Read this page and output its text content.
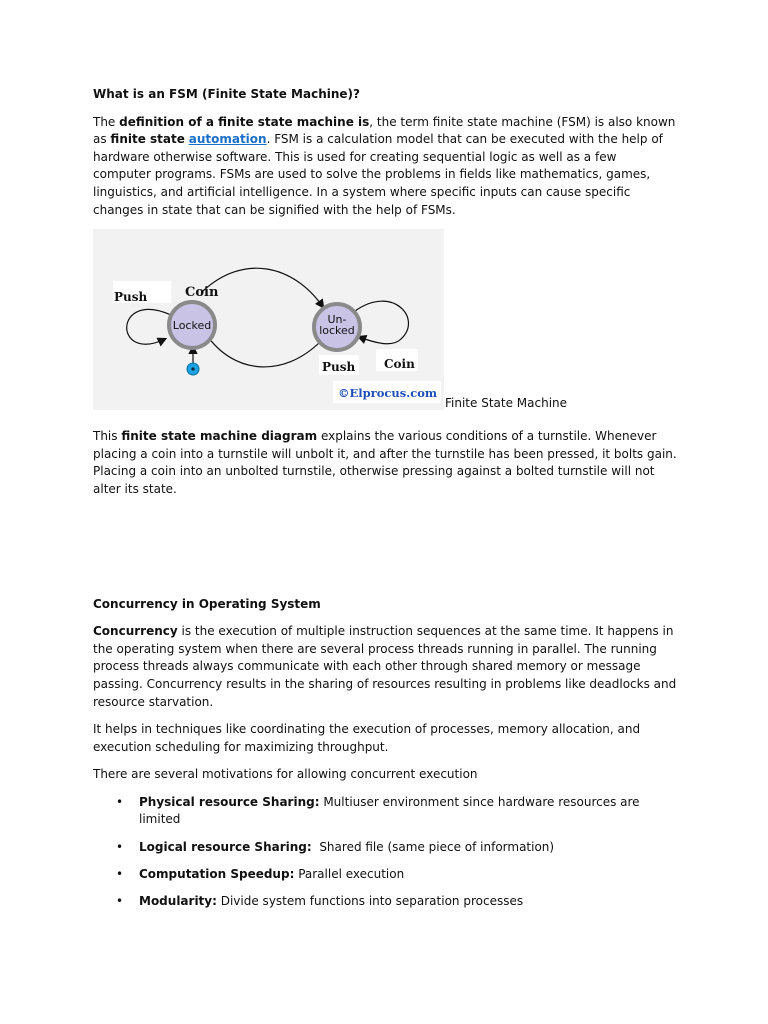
What is an FSM (Finite State Machine)?

The definition of a finite state machine is, the term finite state machine (FSM) is also known as finite state automation. FSM is a calculation model that can be executed with the help of hardware otherwise software. This is used for creating sequential logic as well as a few computer programs. FSMs are used to solve the problems in fields like mathematics, games, linguistics, and artificial intelligence. In a system where specific inputs can cause specific changes in state that can be signified with the help of FSMs.

Locked	Un-
locked
Push	Coin
Push Coin
©Elprocus.com
Finite State Machine

This finite state machine diagram explains the various conditions of a turnstile. Whenever placing a coin into a turnstile will unbolt it, and after the turnstile has been pressed, it bolts gain. Placing a coin into an unbolted turnstile, otherwise pressing against a bolted turnstile will not alter its state.

Concurrency in Operating System

Concurrency is the execution of multiple instruction sequences at the same time. It happens in the operating system when there are several process threads running in parallel. The running process threads always communicate with each other through shared memory or message passing. Concurrency results in the sharing of resources resulting in problems like deadlocks and resource starvation.

It helps in techniques like coordinating the execution of processes, memory allocation, and execution scheduling for maximizing throughput.

There are several motivations for allowing concurrent execution

• Physical resource Sharing: Multiuser environment since hardware resources are limited
• Logical resource Sharing:  Shared file (same piece of information)
• Computation Speedup: Parallel execution
• Modularity: Divide system functions into separation processes
